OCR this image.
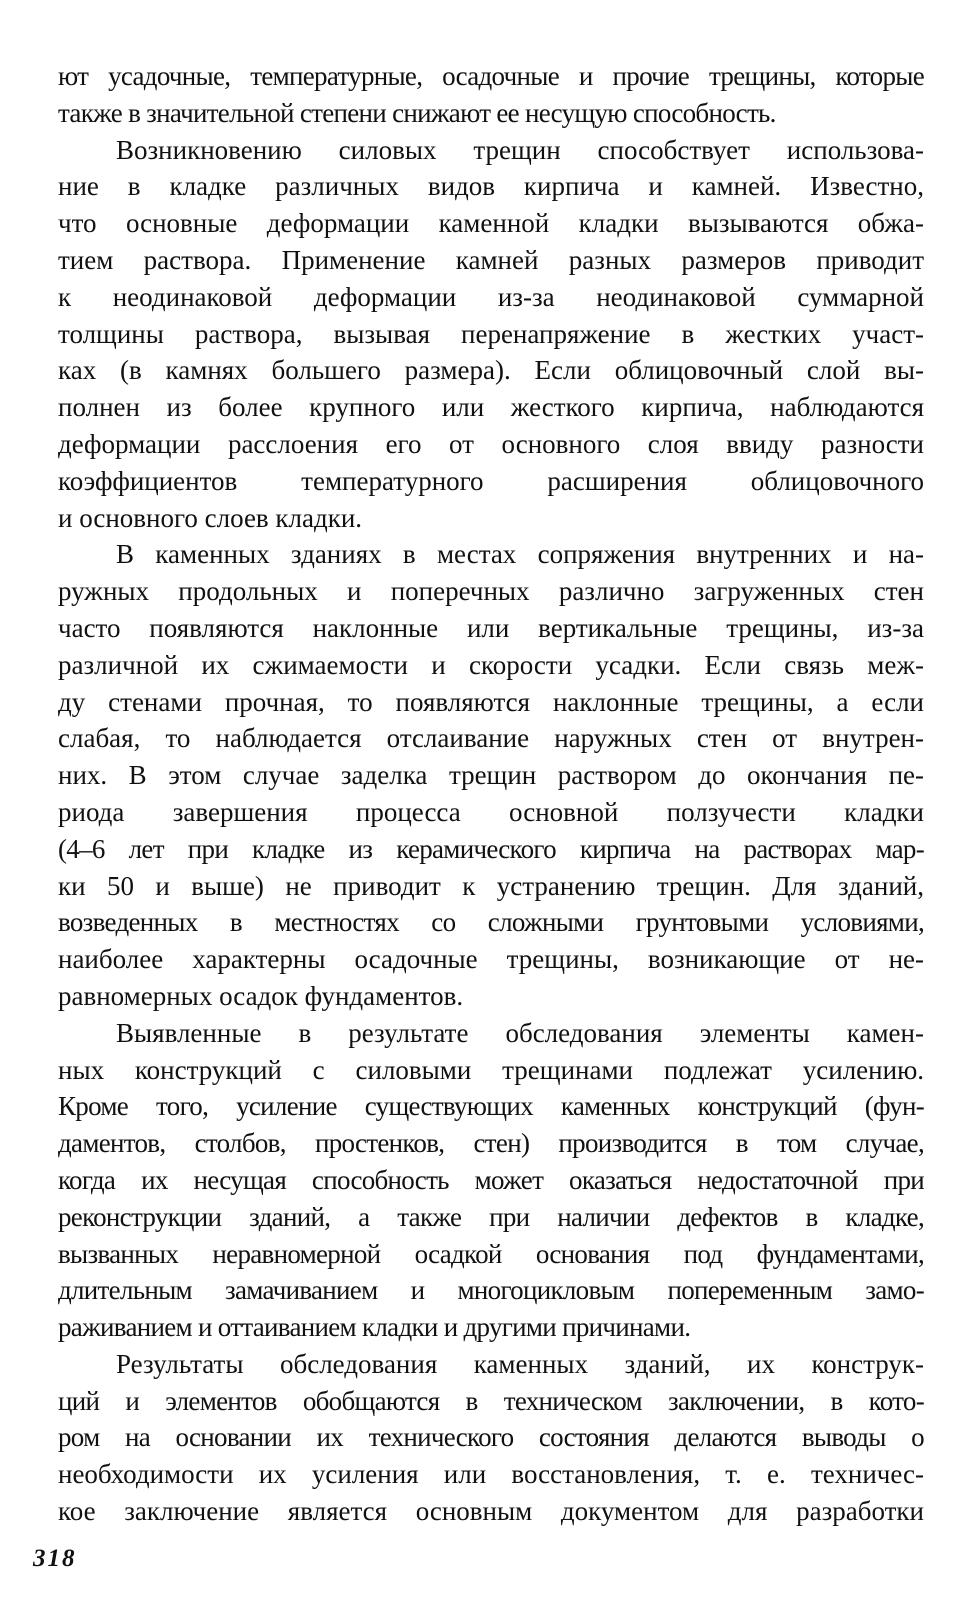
ют усадочные, температурные, осадочные и прочие трещины, которые
также в значительной степени снижают ее несущую способность.
Возникновению силовых трещин способствует использова-
ние в кладке различных видов кирпича и камней. Известно,
что основные деформации каменной кладки вызываются обжа-
тием раствора. Применение камней разных размеров приводит
к неодинаковой деформации из-за неодинаковой суммарной
толщины раствора, вызывая перенапряжение в жестких участ-
ках (в камнях большего размера). Если облицовочный слой вы-
полнен из более крупного или жесткого кирпича, наблюдаются
деформации расслоения его от основного слоя ввиду разности
коэффициентов температурного расширения облицовочного
и основного слоев кладки.
В каменных зданиях в местах сопряжения внутренних и на-
ружных продольных и поперечных различно загруженных стен
часто появляются наклонные или вертикальные трещины, из-за
различной их сжимаемости и скорости усадки. Если связь меж-
ду стенами прочная, то появляются наклонные трещины, а если
слабая, то наблюдается отслаивание наружных стен от внутрен-
них. В этом случае заделка трещин раствором до окончания пе-
риода завершения процесса основной ползучести кладки
(4–6 лет при кладке из керамического кирпича на растворах мар-
ки 50 и выше) не приводит к устранению трещин. Для зданий,
возведенных в местностях со сложными грунтовыми условиями,
наиболее характерны осадочные трещины, возникающие от не-
равномерных осадок фундаментов.
Выявленные в результате обследования элементы камен-
ных конструкций с силовыми трещинами подлежат усилению.
Кроме того, усиление существующих каменных конструкций (фун-
даментов, столбов, простенков, стен) производится в том случае,
когда их несущая способность может оказаться недостаточной при
реконструкции зданий, а также при наличии дефектов в кладке,
вызванных неравномерной осадкой основания под фундаментами,
длительным замачиванием и многоцикловым попеременным замо-
раживанием и оттаиванием кладки и другими причинами.
Результаты обследования каменных зданий, их конструк-
ций и элементов обобщаются в техническом заключении, в кото-
ром на основании их технического состояния делаются выводы о
необходимости их усиления или восстановления, т. е. техничес-
кое заключение является основным документом для разработки
318
